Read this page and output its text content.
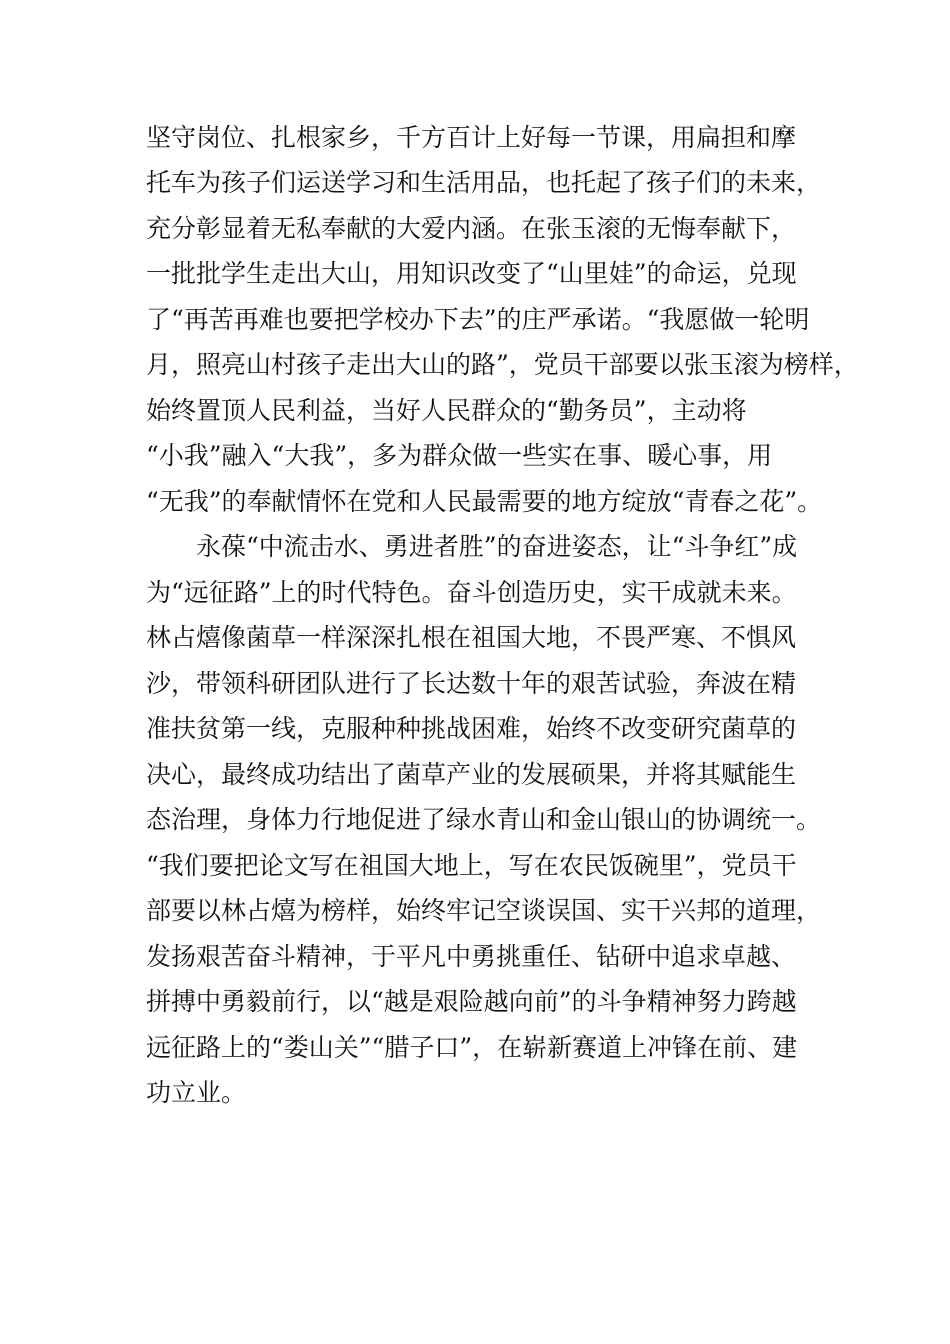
坚守岗位、扎根家乡，千方百计上好每一节课，用扁担和摩
托车为孩子们运送学习和生活用品，也托起了孩子们的未来，
充分彰显着无私奉献的大爱内涵。在张玉滚的无悔奉献下，
一批批学生走出大山，用知识改变了“山里娃”的命运，兑现
了“再苦再难也要把学校办下去”的庄严承诺。“我愿做一轮明
月，照亮山村孩子走出大山的路”，党员干部要以张玉滚为榜样，
始终置顶人民利益，当好人民群众的“勤务员”，主动将
“小我”融入“大我”，多为群众做一些实在事、暖心事，用
“无我”的奉献情怀在党和人民最需要的地方绽放“青春之花”。
永葆“中流击水、勇进者胜”的奋进姿态，让“斗争红”成
为“远征路”上的时代特色。奋斗创造历史，实干成就未来。
林占熺像菌草一样深深扎根在祖国大地，不畏严寒、不惧风
沙，带领科研团队进行了长达数十年的艰苦试验，奔波在精
准扶贫第一线，克服种种挑战困难，始终不改变研究菌草的
决心，最终成功结出了菌草产业的发展硕果，并将其赋能生
态治理，身体力行地促进了绿水青山和金山银山的协调统一。
“我们要把论文写在祖国大地上，写在农民饭碗里”，党员干
部要以林占熺为榜样，始终牢记空谈误国、实干兴邦的道理，
发扬艰苦奋斗精神，于平凡中勇挑重任、钻研中追求卓越、
拼搏中勇毅前行，以“越是艰险越向前”的斗争精神努力跨越
远征路上的“娄山关”“腊子口”，在崭新赛道上冲锋在前、建
功立业。
